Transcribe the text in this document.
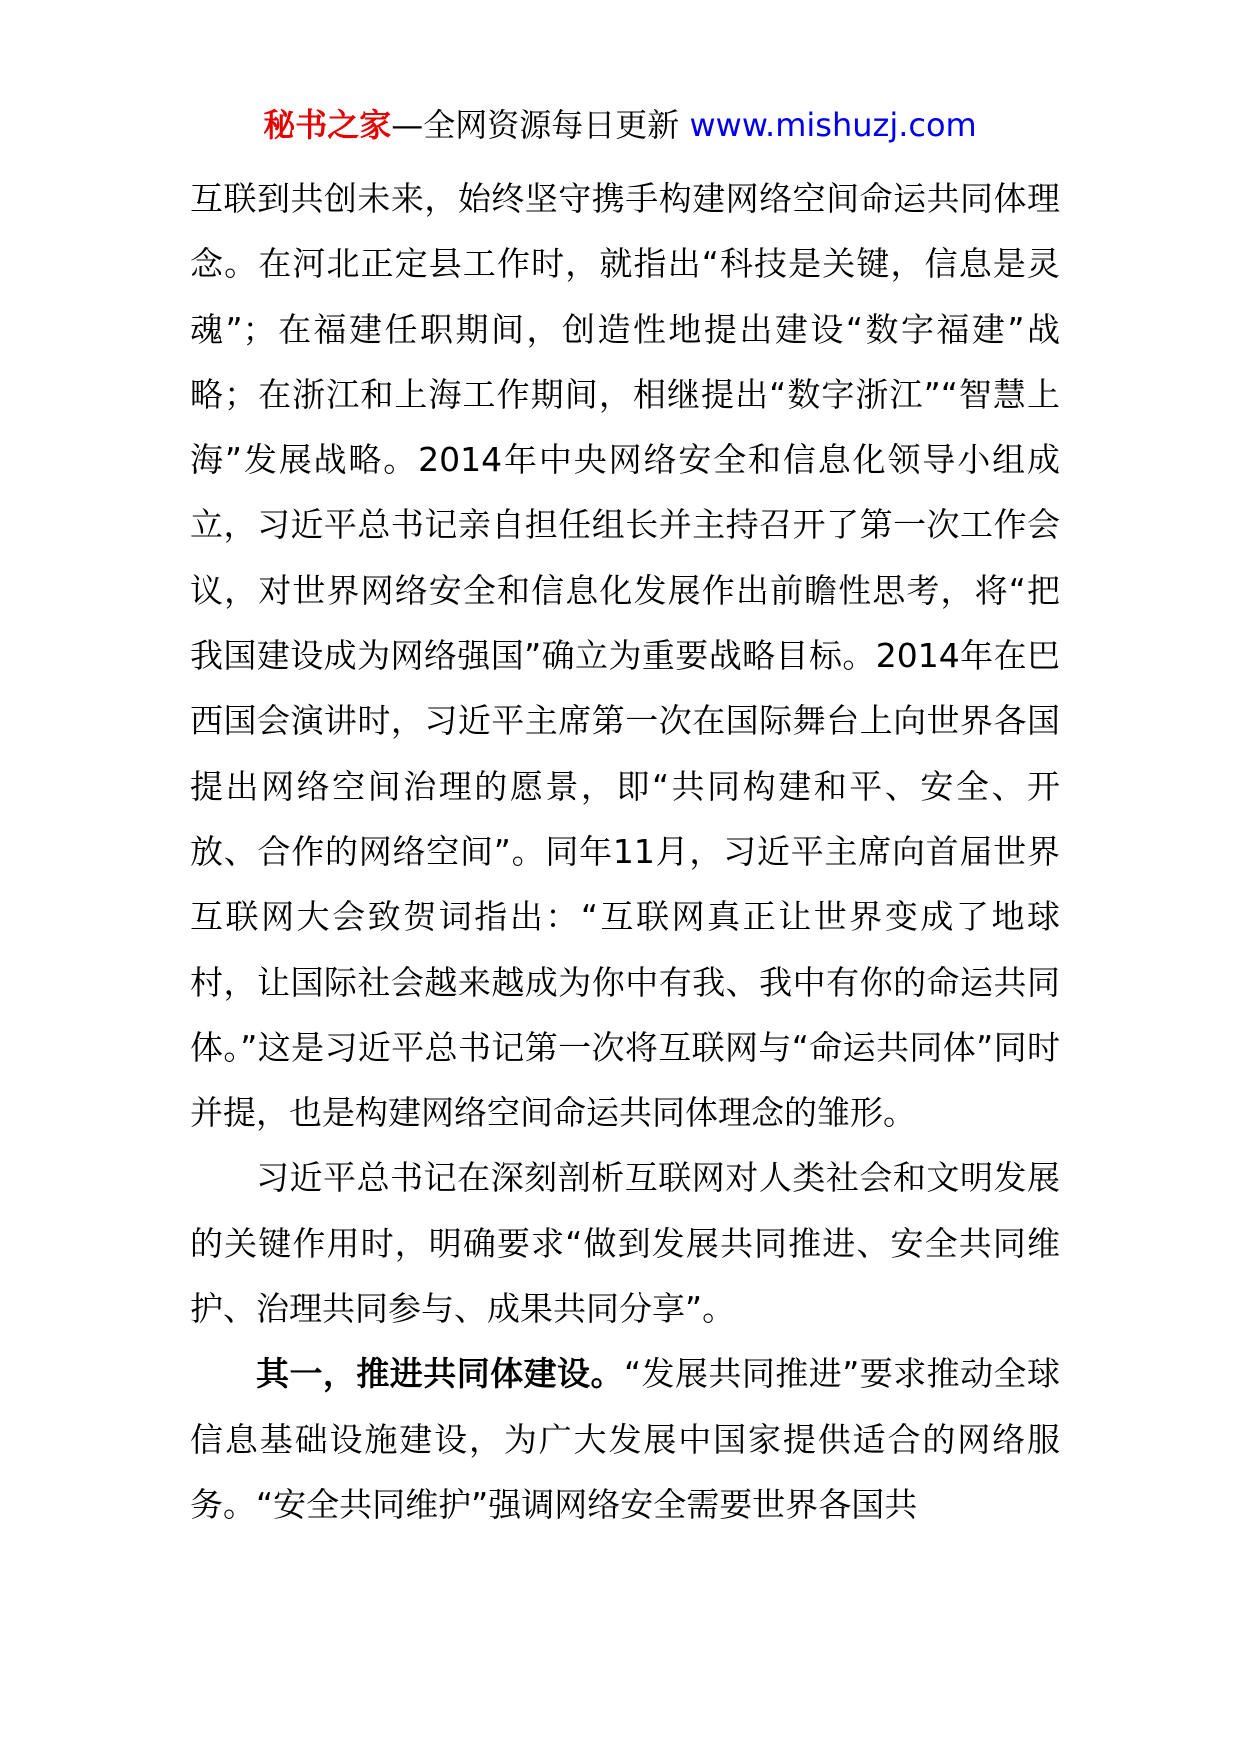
秘书之家—全网资源每日更新 www.mishuzj.com

互联到共创未来，始终坚守携手构建网络空间命运共同体理念。在河北正定县工作时，就指出“科技是关键，信息是灵魂”；在福建任职期间，创造性地提出建设“数字福建”战略；在浙江和上海工作期间，相继提出“数字浙江”“智慧上海”发展战略。2014年中央网络安全和信息化领导小组成立，习近平总书记亲自担任组长并主持召开了第一次工作会议，对世界网络安全和信息化发展作出前瞻性思考，将“把我国建设成为网络强国”确立为重要战略目标。2014年在巴西国会演讲时，习近平主席第一次在国际舞台上向世界各国提出网络空间治理的愿景，即“共同构建和平、安全、开放、合作的网络空间”。同年11月，习近平主席向首届世界互联网大会致贺词指出：“互联网真正让世界变成了地球村，让国际社会越来越成为你中有我、我中有你的命运共同体。”这是习近平总书记第一次将互联网与“命运共同体”同时并提，也是构建网络空间命运共同体理念的雏形。

习近平总书记在深刻剖析互联网对人类社会和文明发展的关键作用时，明确要求“做到发展共同推进、安全共同维护、治理共同参与、成果共同分享”。

其一，推进共同体建设。“发展共同推进”要求推动全球信息基础设施建设，为广大发展中国家提供适合的网络服务。“安全共同维护”强调网络安全需要世界各国共
